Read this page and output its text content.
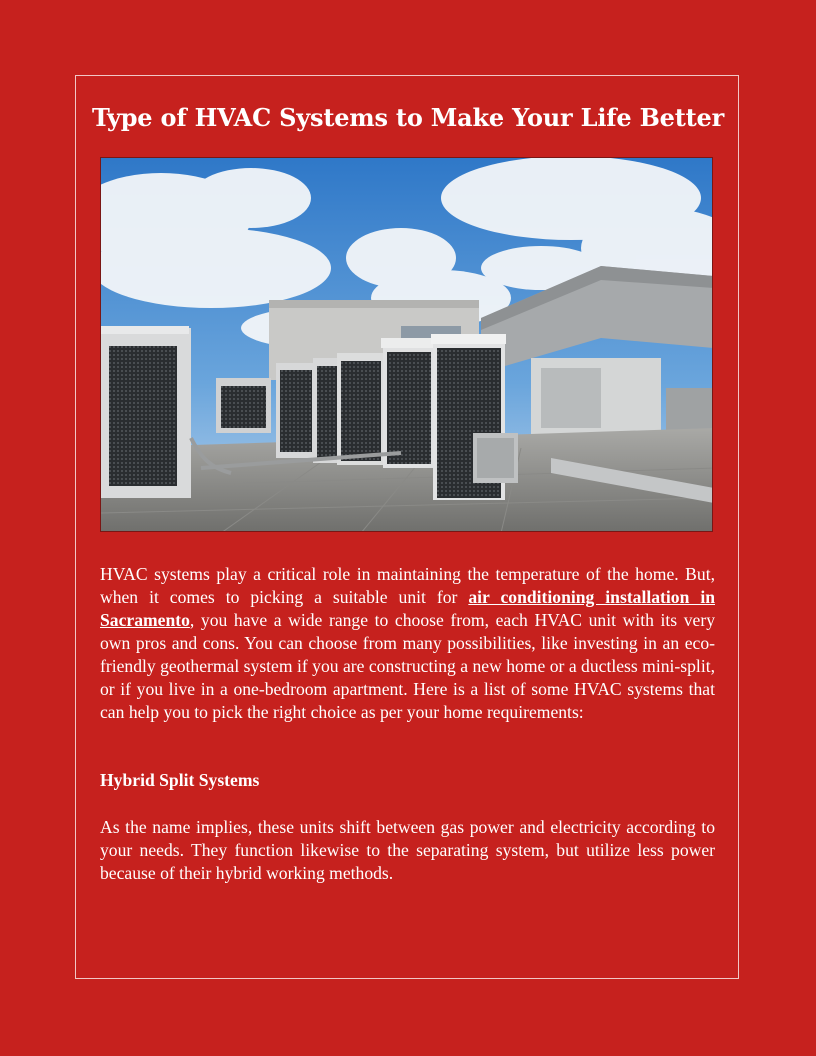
Type of HVAC Systems to Make Your Life Better

HVAC systems play a critical role in maintaining the temperature of the home. But, when it comes to picking a suitable unit for air conditioning installation in Sacramento, you have a wide range to choose from, each HVAC unit with its very own pros and cons. You can choose from many possibilities, like investing in an eco-friendly geothermal system if you are constructing a new home or a ductless mini-split, or if you live in a one-bedroom apartment. Here is a list of some HVAC systems that can help you to pick the right choice as per your home requirements:

Hybrid Split Systems

As the name implies, these units shift between gas power and electricity according to your needs. They function likewise to the separating system, but utilize less power because of their hybrid working methods.
